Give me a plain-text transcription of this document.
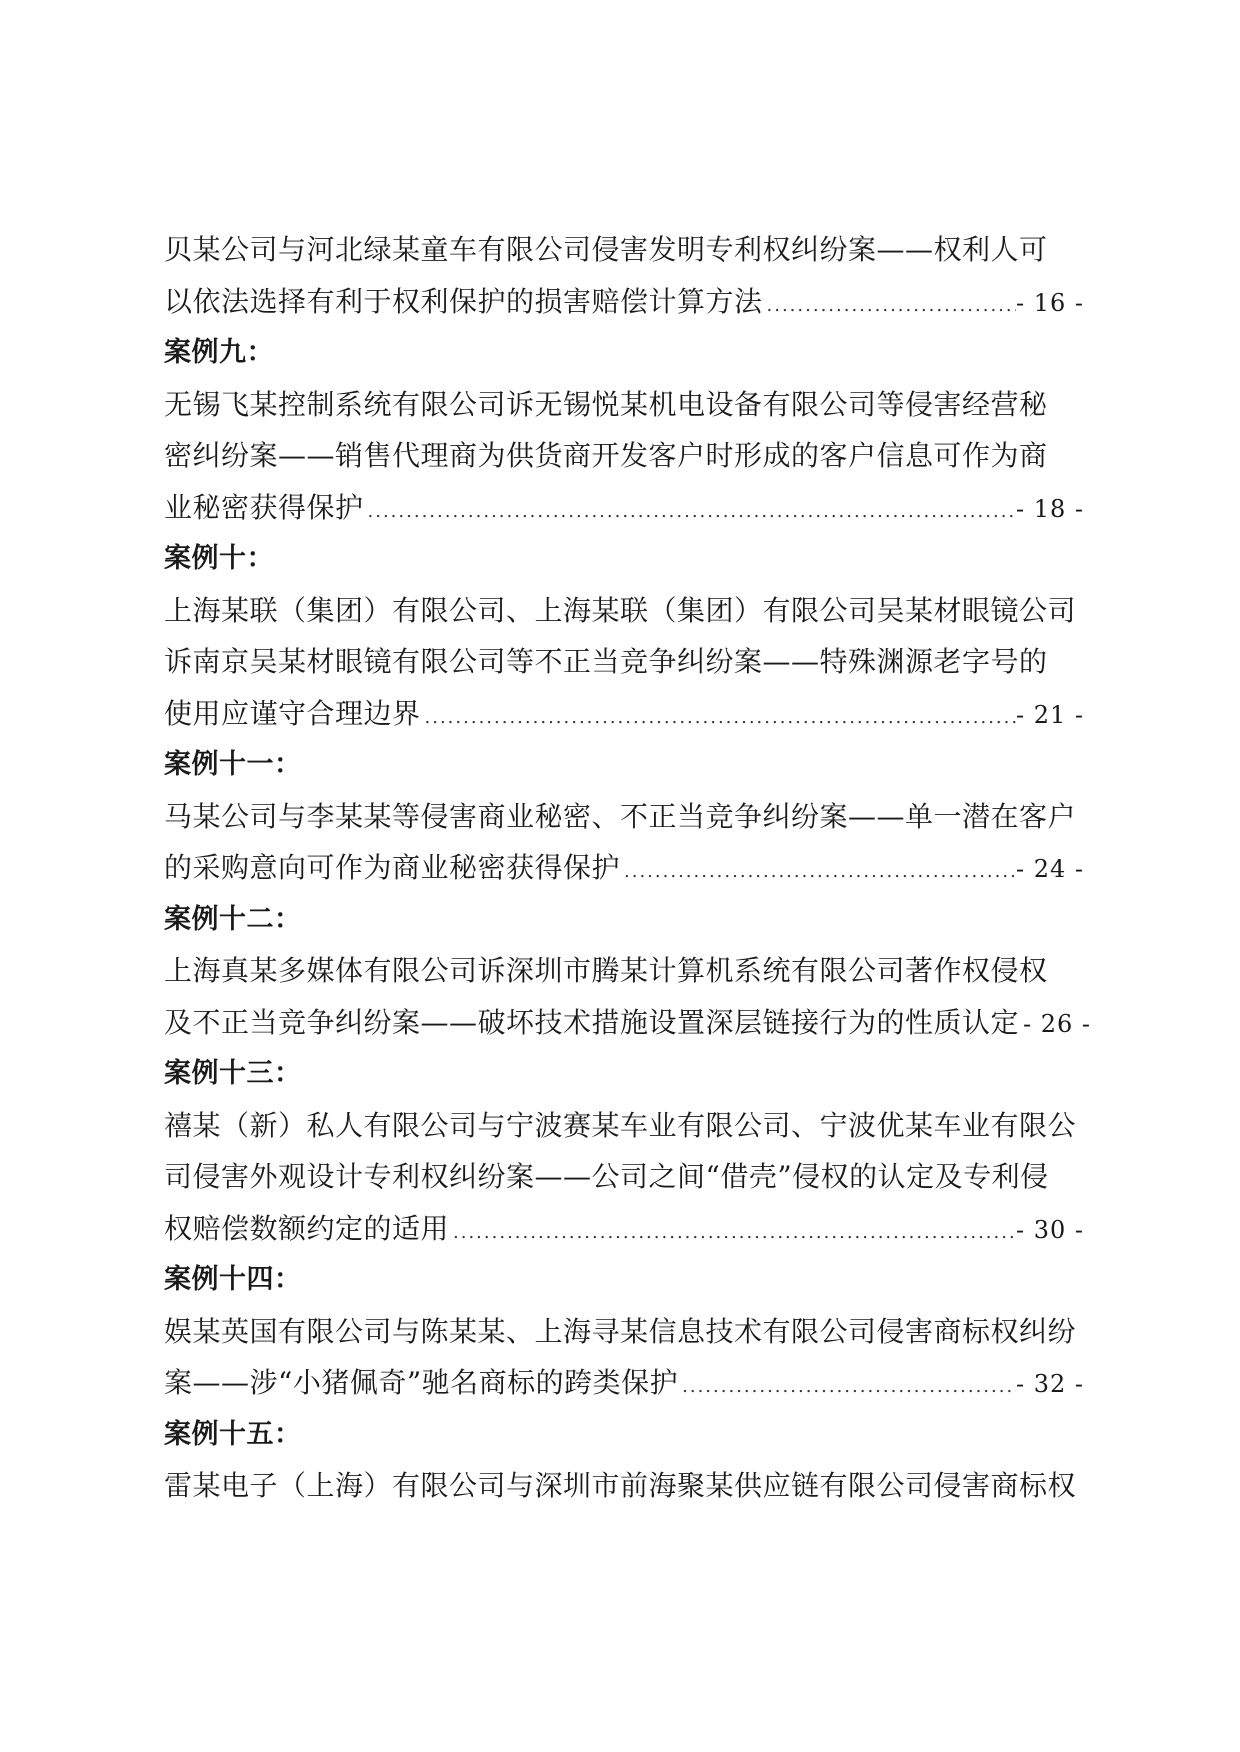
贝某公司与河北绿某童车有限公司侵害发明专利权纠纷案——权利人可
以依法选择有利于权利保护的损害赔偿计算方法 .....	- 16 -
案例九：
无锡飞某控制系统有限公司诉无锡悦某机电设备有限公司等侵害经营秘
密纠纷案——销售代理商为供货商开发客户时形成的客户信息可作为商
业秘密获得保护 .....	- 18 -
案例十：
上海某联（集团）有限公司、上海某联（集团）有限公司吴某材眼镜公司
诉南京吴某材眼镜有限公司等不正当竞争纠纷案——特殊渊源老字号的
使用应谨守合理边界 .....	- 21 -
案例十一：
马某公司与李某某等侵害商业秘密、不正当竞争纠纷案——单一潜在客户
的采购意向可作为商业秘密获得保护 .....	- 24 -
案例十二：
上海真某多媒体有限公司诉深圳市腾某计算机系统有限公司著作权侵权
及不正当竞争纠纷案——破坏技术措施设置深层链接行为的性质认定 - 26 -
案例十三：
禧某（新）私人有限公司与宁波赛某车业有限公司、宁波优某车业有限公
司侵害外观设计专利权纠纷案——公司之间“借壳”侵权的认定及专利侵
权赔偿数额约定的适用 .....	- 30 -
案例十四：
娱某英国有限公司与陈某某、上海寻某信息技术有限公司侵害商标权纠纷
案——涉“小猪佩奇”驰名商标的跨类保护 .....	- 32 -
案例十五：
雷某电子（上海）有限公司与深圳市前海聚某供应链有限公司侵害商标权
